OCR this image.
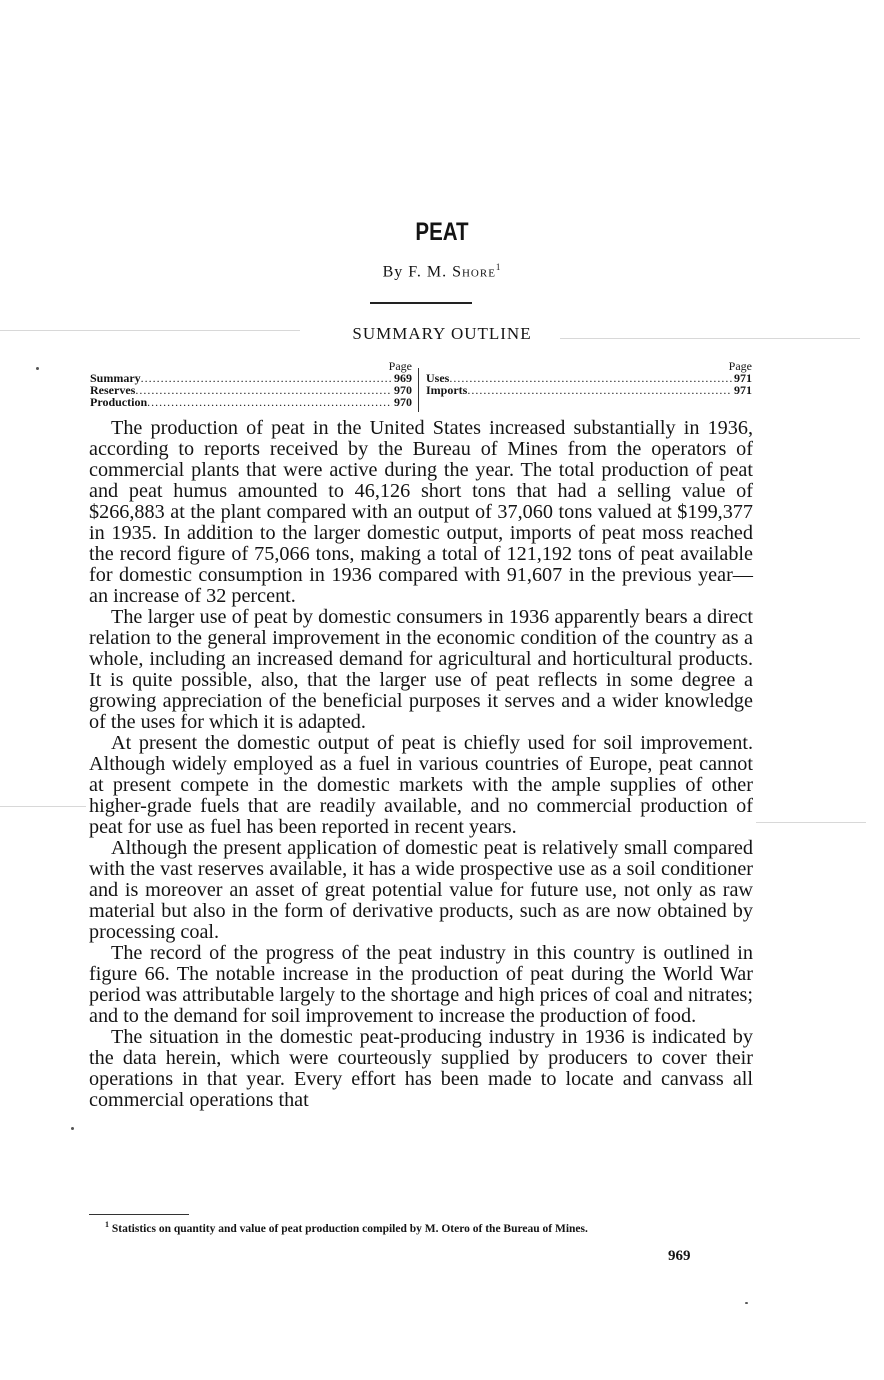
PEAT
By F. M. Shore$^1$
SUMMARY OUTLINE
Page
Summary .....	969
Reserves .....	970
Production .....	970
Page
Uses .....	971
Imports .....	971

The production of peat in the United States increased substantially in 1936, according to reports received by the Bureau of Mines from the operators of commercial plants that were active during the year. The total production of peat and peat humus amounted to 46,126 short tons that had a selling value of $266,883 at the plant compared with an output of 37,060 tons valued at $199,377 in 1935. In addition to the larger domestic output, imports of peat moss reached the record figure of 75,066 tons, making a total of 121,192 tons of peat available for domestic consumption in 1936 compared with 91,607 in the previous year—an increase of 32 percent.

The larger use of peat by domestic consumers in 1936 apparently bears a direct relation to the general improvement in the economic condition of the country as a whole, including an increased demand for agricultural and horticultural products. It is quite possible, also, that the larger use of peat reflects in some degree a growing appreciation of the beneficial purposes it serves and a wider knowledge of the uses for which it is adapted.

At present the domestic output of peat is chiefly used for soil improvement. Although widely employed as a fuel in various countries of Europe, peat cannot at present compete in the domestic markets with the ample supplies of other higher-grade fuels that are readily available, and no commercial production of peat for use as fuel has been reported in recent years.

Although the present application of domestic peat is relatively small compared with the vast reserves available, it has a wide prospective use as a soil conditioner and is moreover an asset of great potential value for future use, not only as raw material but also in the form of derivative products, such as are now obtained by processing coal.

The record of the progress of the peat industry in this country is outlined in figure 66. The notable increase in the production of peat during the World War period was attributable largely to the shortage and high prices of coal and nitrates; and to the demand for soil improvement to increase the production of food.

The situation in the domestic peat-producing industry in 1936 is indicated by the data herein, which were courteously supplied by producers to cover their operations in that year. Every effort has been made to locate and canvass all commercial operations that

$^1$ Statistics on quantity and value of peat production compiled by M. Otero of the Bureau of Mines.
969
